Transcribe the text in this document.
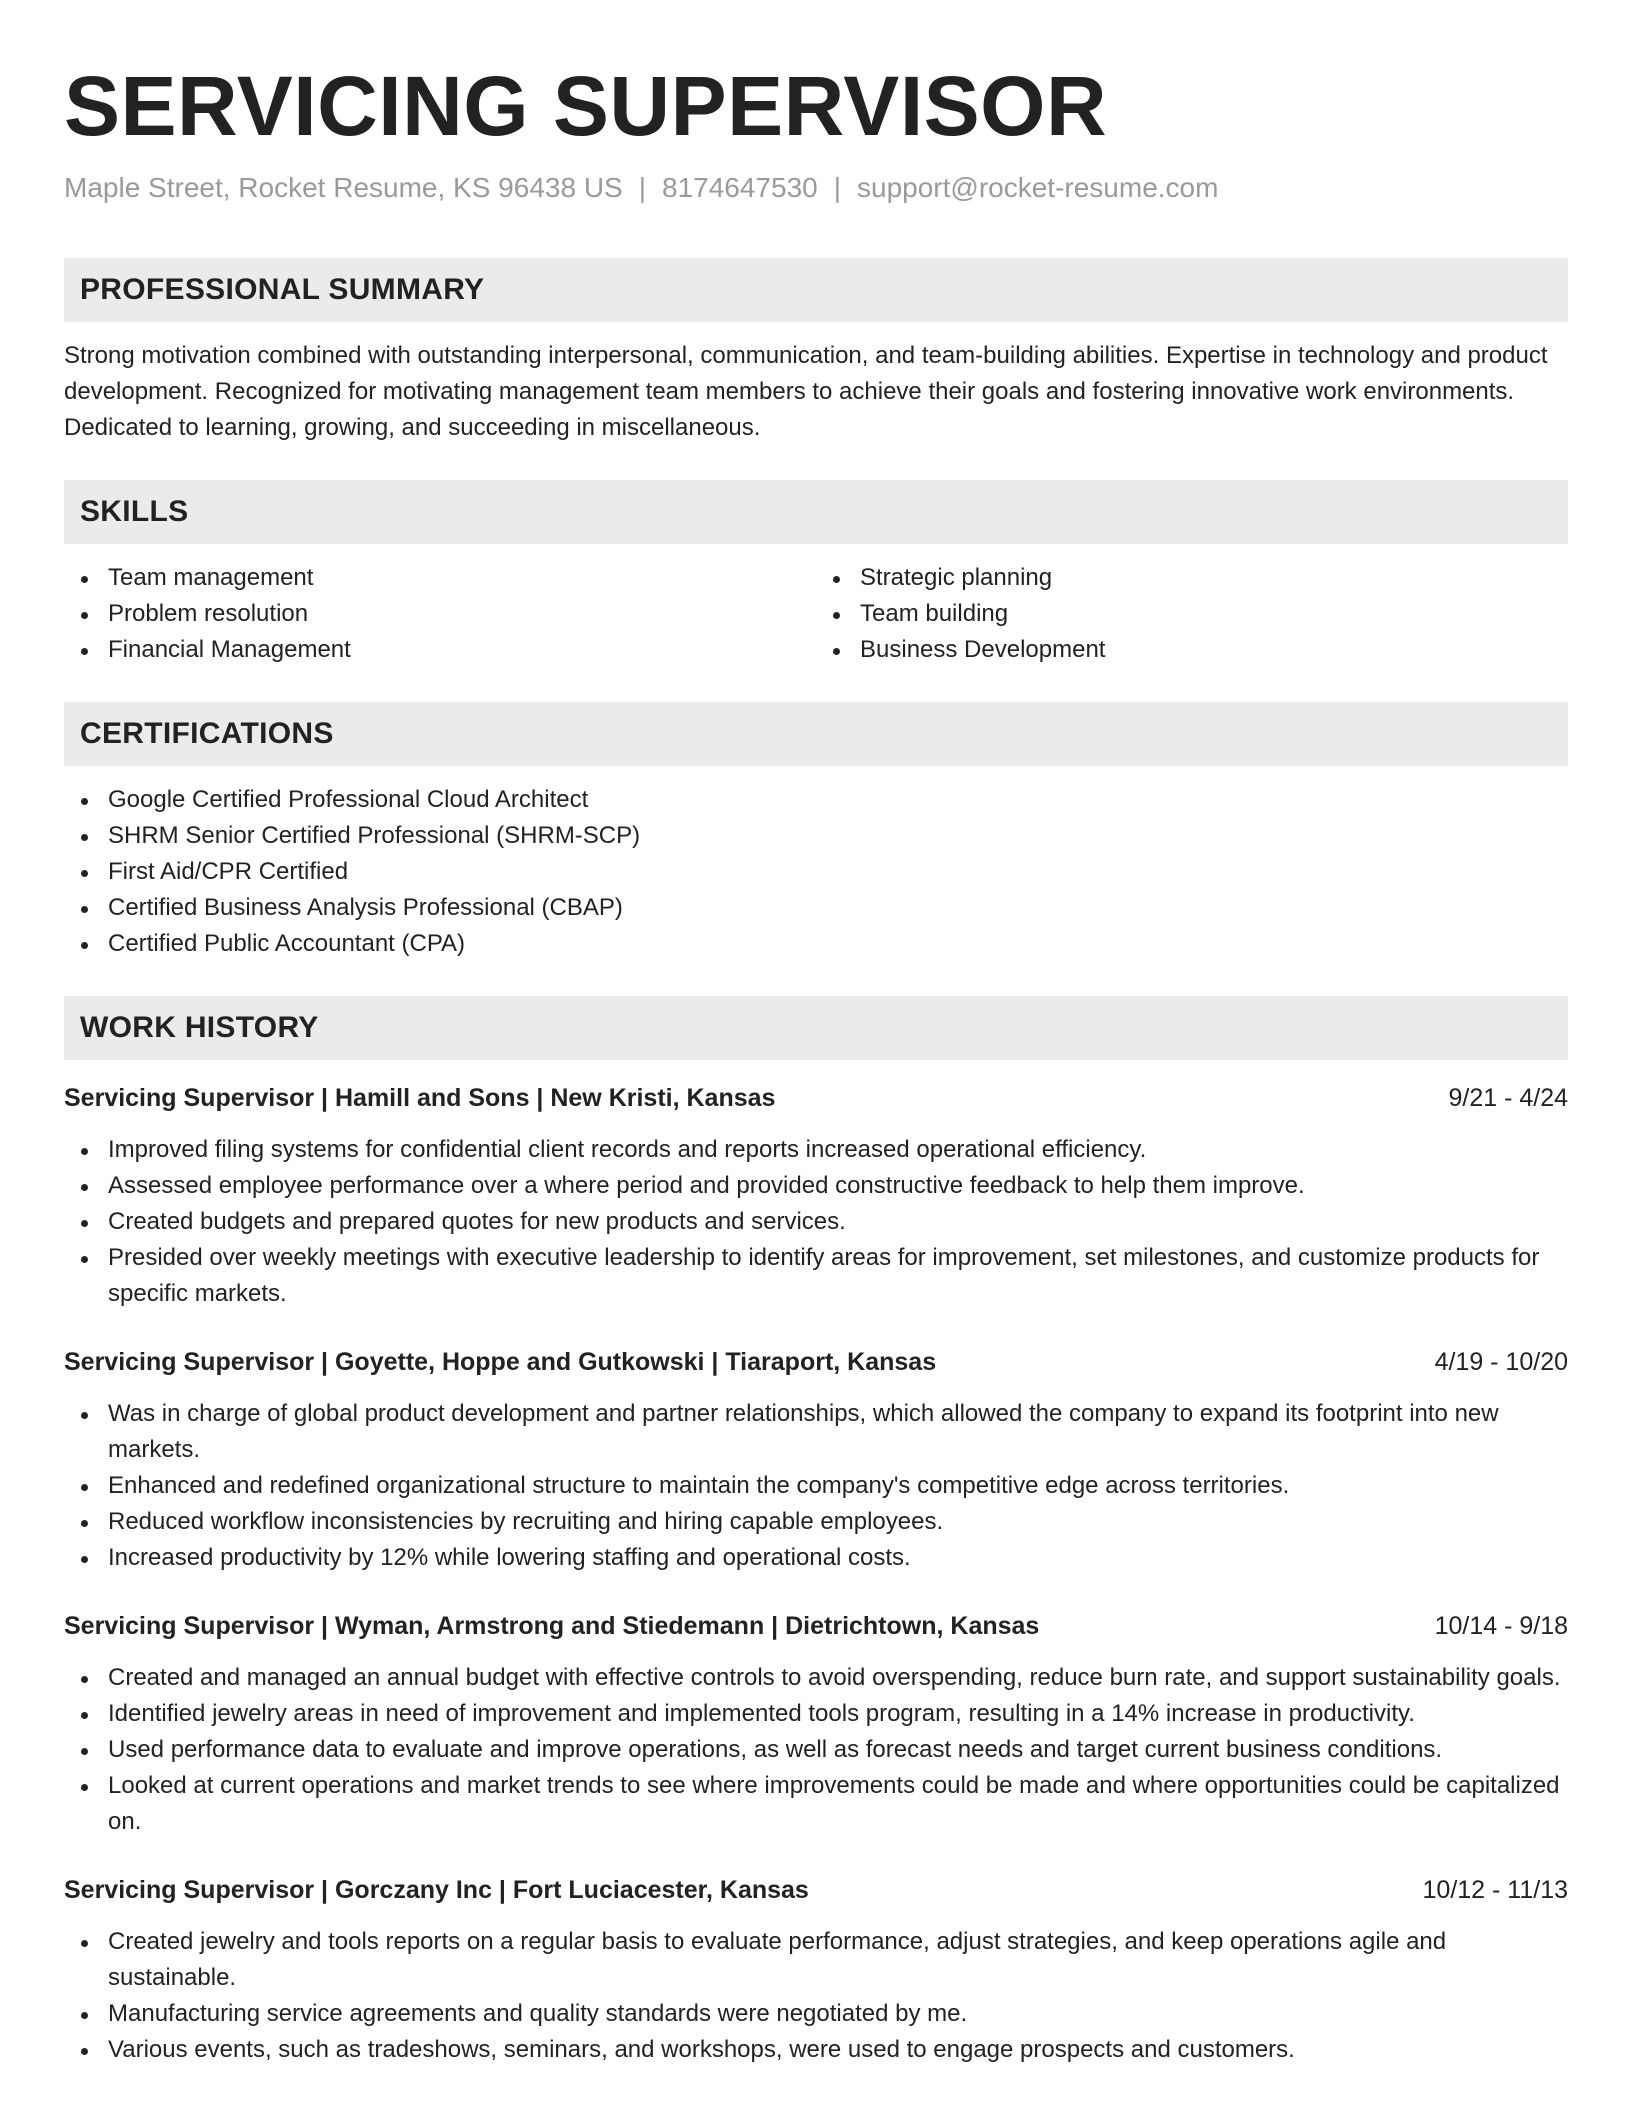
SERVICING SUPERVISOR
Maple Street, Rocket Resume, KS 96438 US | 8174647530 | support@rocket-resume.com
PROFESSIONAL SUMMARY

Strong motivation combined with outstanding interpersonal, communication, and team-building abilities. Expertise in technology and product development. Recognized for motivating management team members to achieve their goals and fostering innovative work environments. Dedicated to learning, growing, and succeeding in miscellaneous.

SKILLS
Team management
Problem resolution
Financial Management
Strategic planning
Team building
Business Development
CERTIFICATIONS
Google Certified Professional Cloud Architect
SHRM Senior Certified Professional (SHRM-SCP)
First Aid/CPR Certified
Certified Business Analysis Professional (CBAP)
Certified Public Accountant (CPA)
WORK HISTORY
Servicing Supervisor | Hamill and Sons | New Kristi, Kansas	9/21 - 4/24
Improved filing systems for confidential client records and reports increased operational efficiency.
Assessed employee performance over a where period and provided constructive feedback to help them improve.
Created budgets and prepared quotes for new products and services.
Presided over weekly meetings with executive leadership to identify areas for improvement, set milestones, and customize products for specific markets.
Servicing Supervisor | Goyette, Hoppe and Gutkowski | Tiaraport, Kansas	4/19 - 10/20
Was in charge of global product development and partner relationships, which allowed the company to expand its footprint into new markets.
Enhanced and redefined organizational structure to maintain the company's competitive edge across territories.
Reduced workflow inconsistencies by recruiting and hiring capable employees.
Increased productivity by 12% while lowering staffing and operational costs.
Servicing Supervisor | Wyman, Armstrong and Stiedemann | Dietrichtown, Kansas	10/14 - 9/18
Created and managed an annual budget with effective controls to avoid overspending, reduce burn rate, and support sustainability goals.
Identified jewelry areas in need of improvement and implemented tools program, resulting in a 14% increase in productivity.
Used performance data to evaluate and improve operations, as well as forecast needs and target current business conditions.
Looked at current operations and market trends to see where improvements could be made and where opportunities could be capitalized on.
Servicing Supervisor | Gorczany Inc | Fort Luciacester, Kansas	10/12 - 11/13
Created jewelry and tools reports on a regular basis to evaluate performance, adjust strategies, and keep operations agile and sustainable.
Manufacturing service agreements and quality standards were negotiated by me.
Various events, such as tradeshows, seminars, and workshops, were used to engage prospects and customers.
